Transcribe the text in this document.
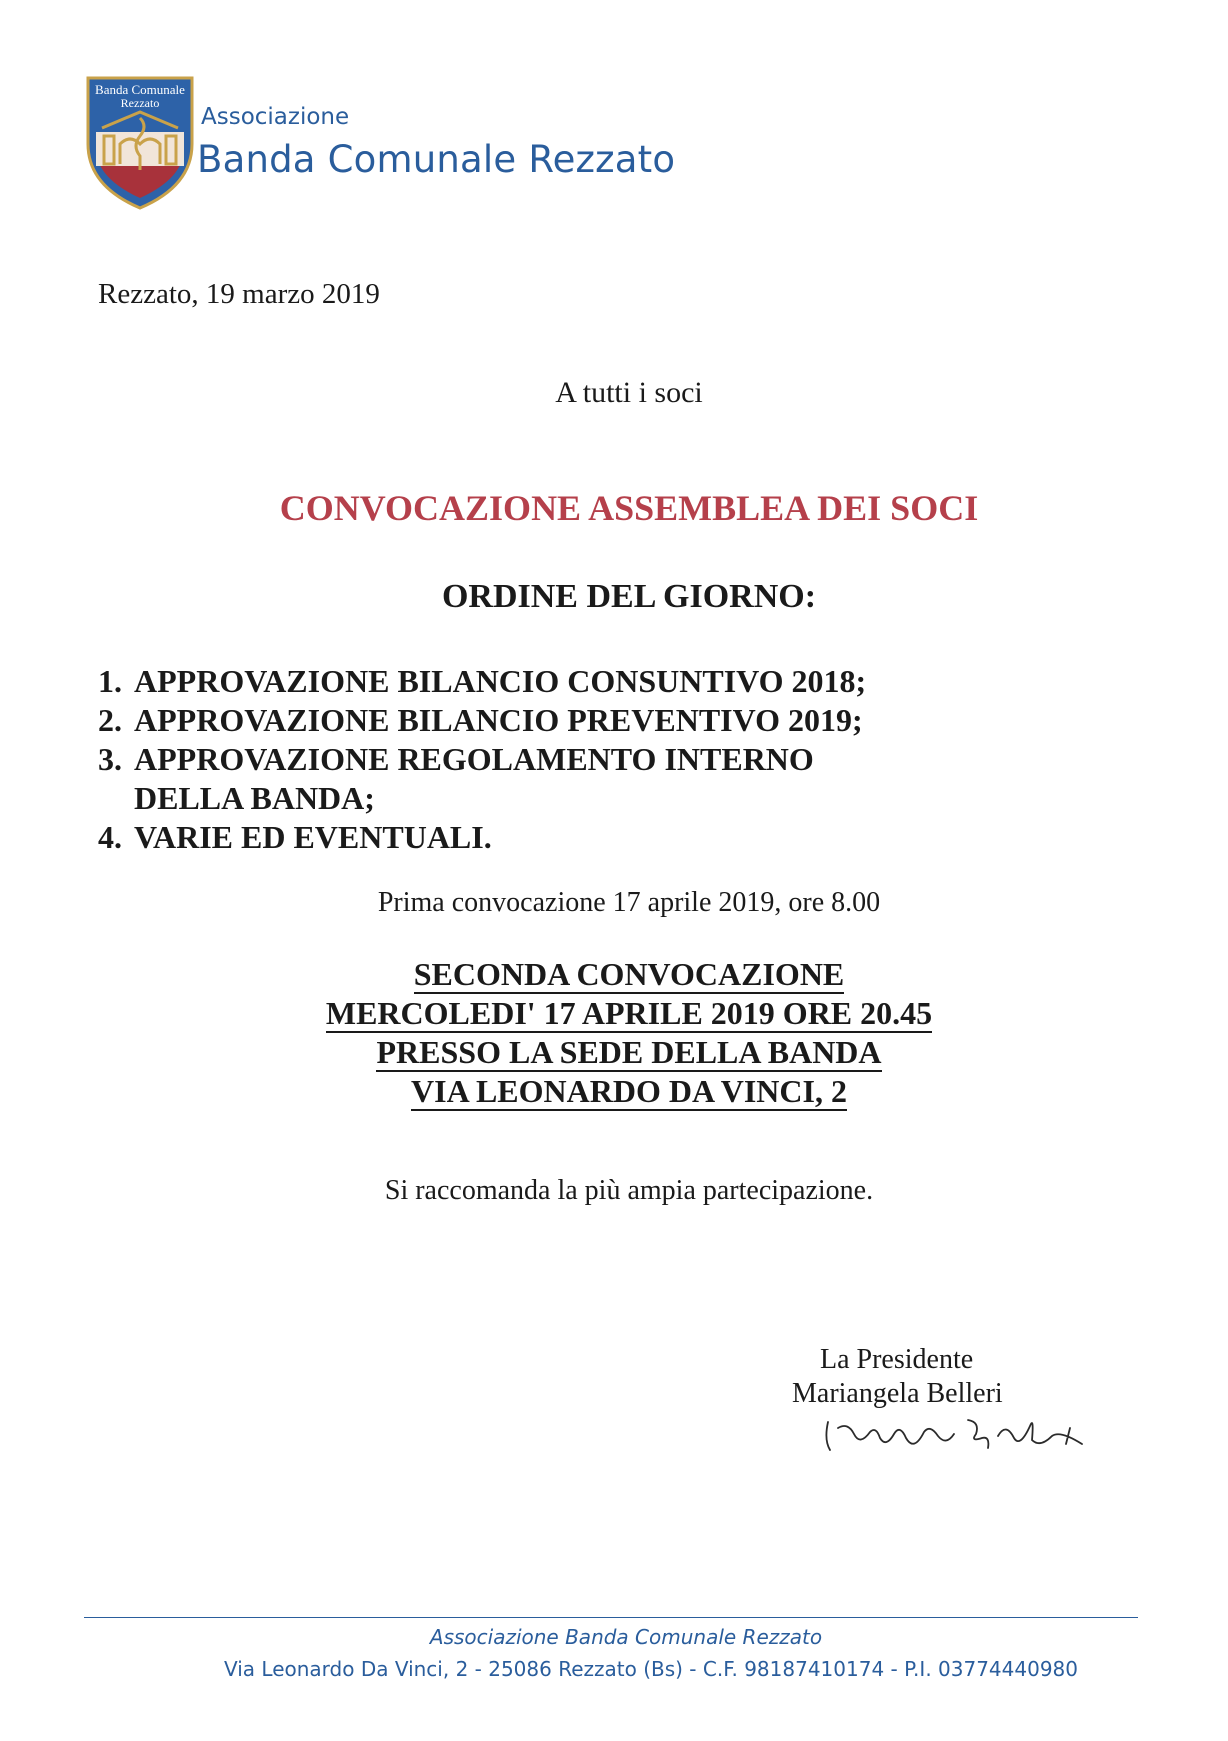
Banda Comunale
Rezzato
Associazione
Banda Comunale Rezzato
Rezzato, 19 marzo 2019
A tutti i soci
CONVOCAZIONE ASSEMBLEA DEI SOCI
ORDINE DEL GIORNO:
1. APPROVAZIONE BILANCIO CONSUNTIVO 2018;
2. APPROVAZIONE BILANCIO PREVENTIVO 2019;
3. APPROVAZIONE REGOLAMENTO INTERNO DELLA BANDA;
4. VARIE ED EVENTUALI.
Prima convocazione 17 aprile 2019, ore 8.00
SECONDA CONVOCAZIONE
MERCOLEDI' 17 APRILE 2019 ORE 20.45
PRESSO LA SEDE DELLA BANDA
VIA LEONARDO DA VINCI, 2
Si raccomanda la più ampia partecipazione.
La Presidente
Mariangela Belleri
Associazione Banda Comunale Rezzato
Via Leonardo Da Vinci, 2 - 25086 Rezzato (Bs) - C.F. 98187410174 - P.I. 03774440980
